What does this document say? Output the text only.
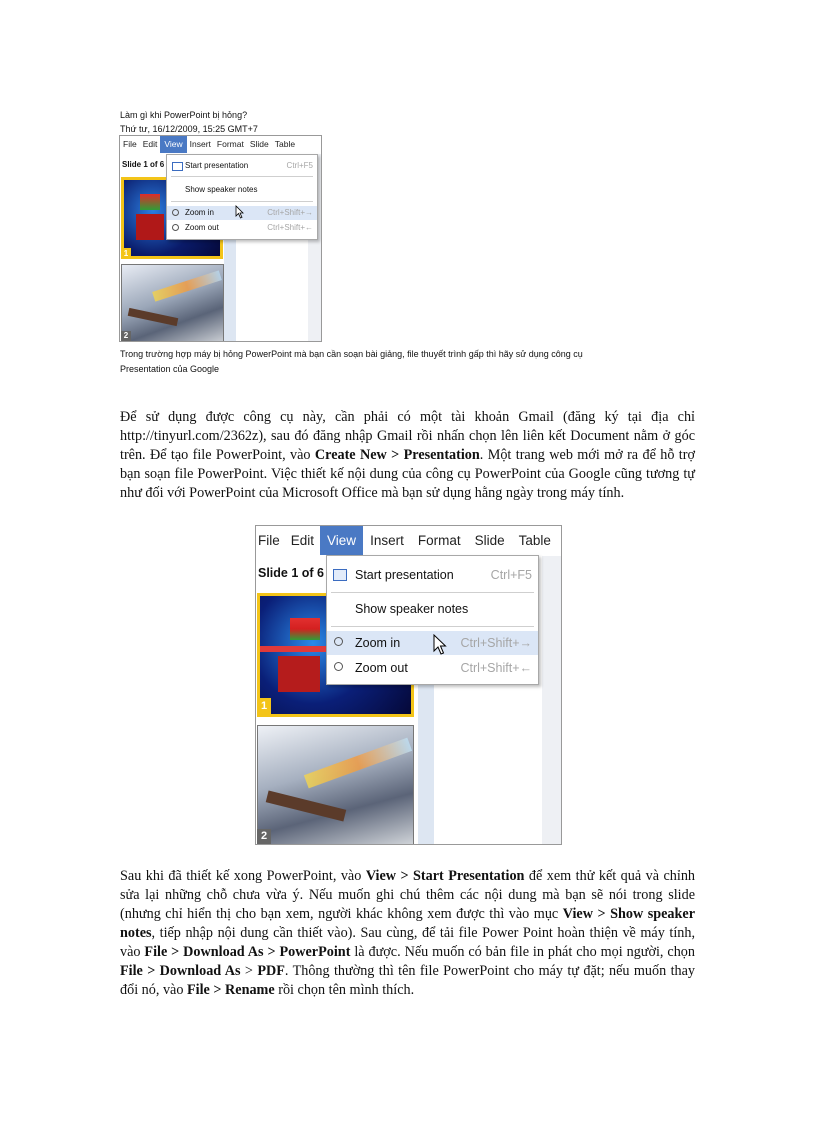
Làm gì khi PowerPoint bị hỏng?
Thứ tư, 16/12/2009, 15:25 GMT+7
File Edit View Insert Format Slide Table
Slide 1 of 6
1
2
Start presentation	Ctrl+F5
Show speaker notes
Zoom in	Ctrl+Shift+→
Zoom out	Ctrl+Shift+←
Trong trường hợp máy bị hỏng PowerPoint mà bạn cần soạn bài giảng, file thuyết trình gấp thì hãy sử dụng công cụ
Presentation của Google
Để sử dụng được công cụ này, cần phải có một tài khoản Gmail (đăng ký tại địa chỉ http://tinyurl.com/2362z), sau đó đăng nhập Gmail rồi nhấn chọn lên liên kết Document nằm ở góc trên. Để tạo file PowerPoint, vào Create New > Presentation. Một trang web mới mở ra để hỗ trợ bạn soạn file PowerPoint. Việc thiết kế nội dung của công cụ PowerPoint của Google cũng tương tự như đối với PowerPoint của Microsoft Office mà bạn sử dụng hằng ngày trong máy tính.
File Edit View	Insert	Format	Slide	Table
Slide 1 of 6
1
2
Start presentation	Ctrl+F5
Show speaker notes
Zoom in	Ctrl+Shift+→
Zoom out	Ctrl+Shift+←
Sau khi đã thiết kế xong PowerPoint, vào View > Start Presentation để xem thử kết quả và chỉnh sửa lại những chỗ chưa vừa ý. Nếu muốn ghi chú thêm các nội dung mà bạn sẽ nói trong slide (nhưng chỉ hiển thị cho bạn xem, người khác không xem được thì vào mục View > Show speaker notes, tiếp nhập nội dung cần thiết vào). Sau cùng, để tải file Power Point hoàn thiện về máy tính, vào File > Download As > PowerPoint là được. Nếu muốn có bản file in phát cho mọi người, chọn File > Download As > PDF. Thông thường thì tên file PowerPoint cho máy tự đặt; nếu muốn thay đổi nó, vào File > Rename rồi chọn tên mình thích.
